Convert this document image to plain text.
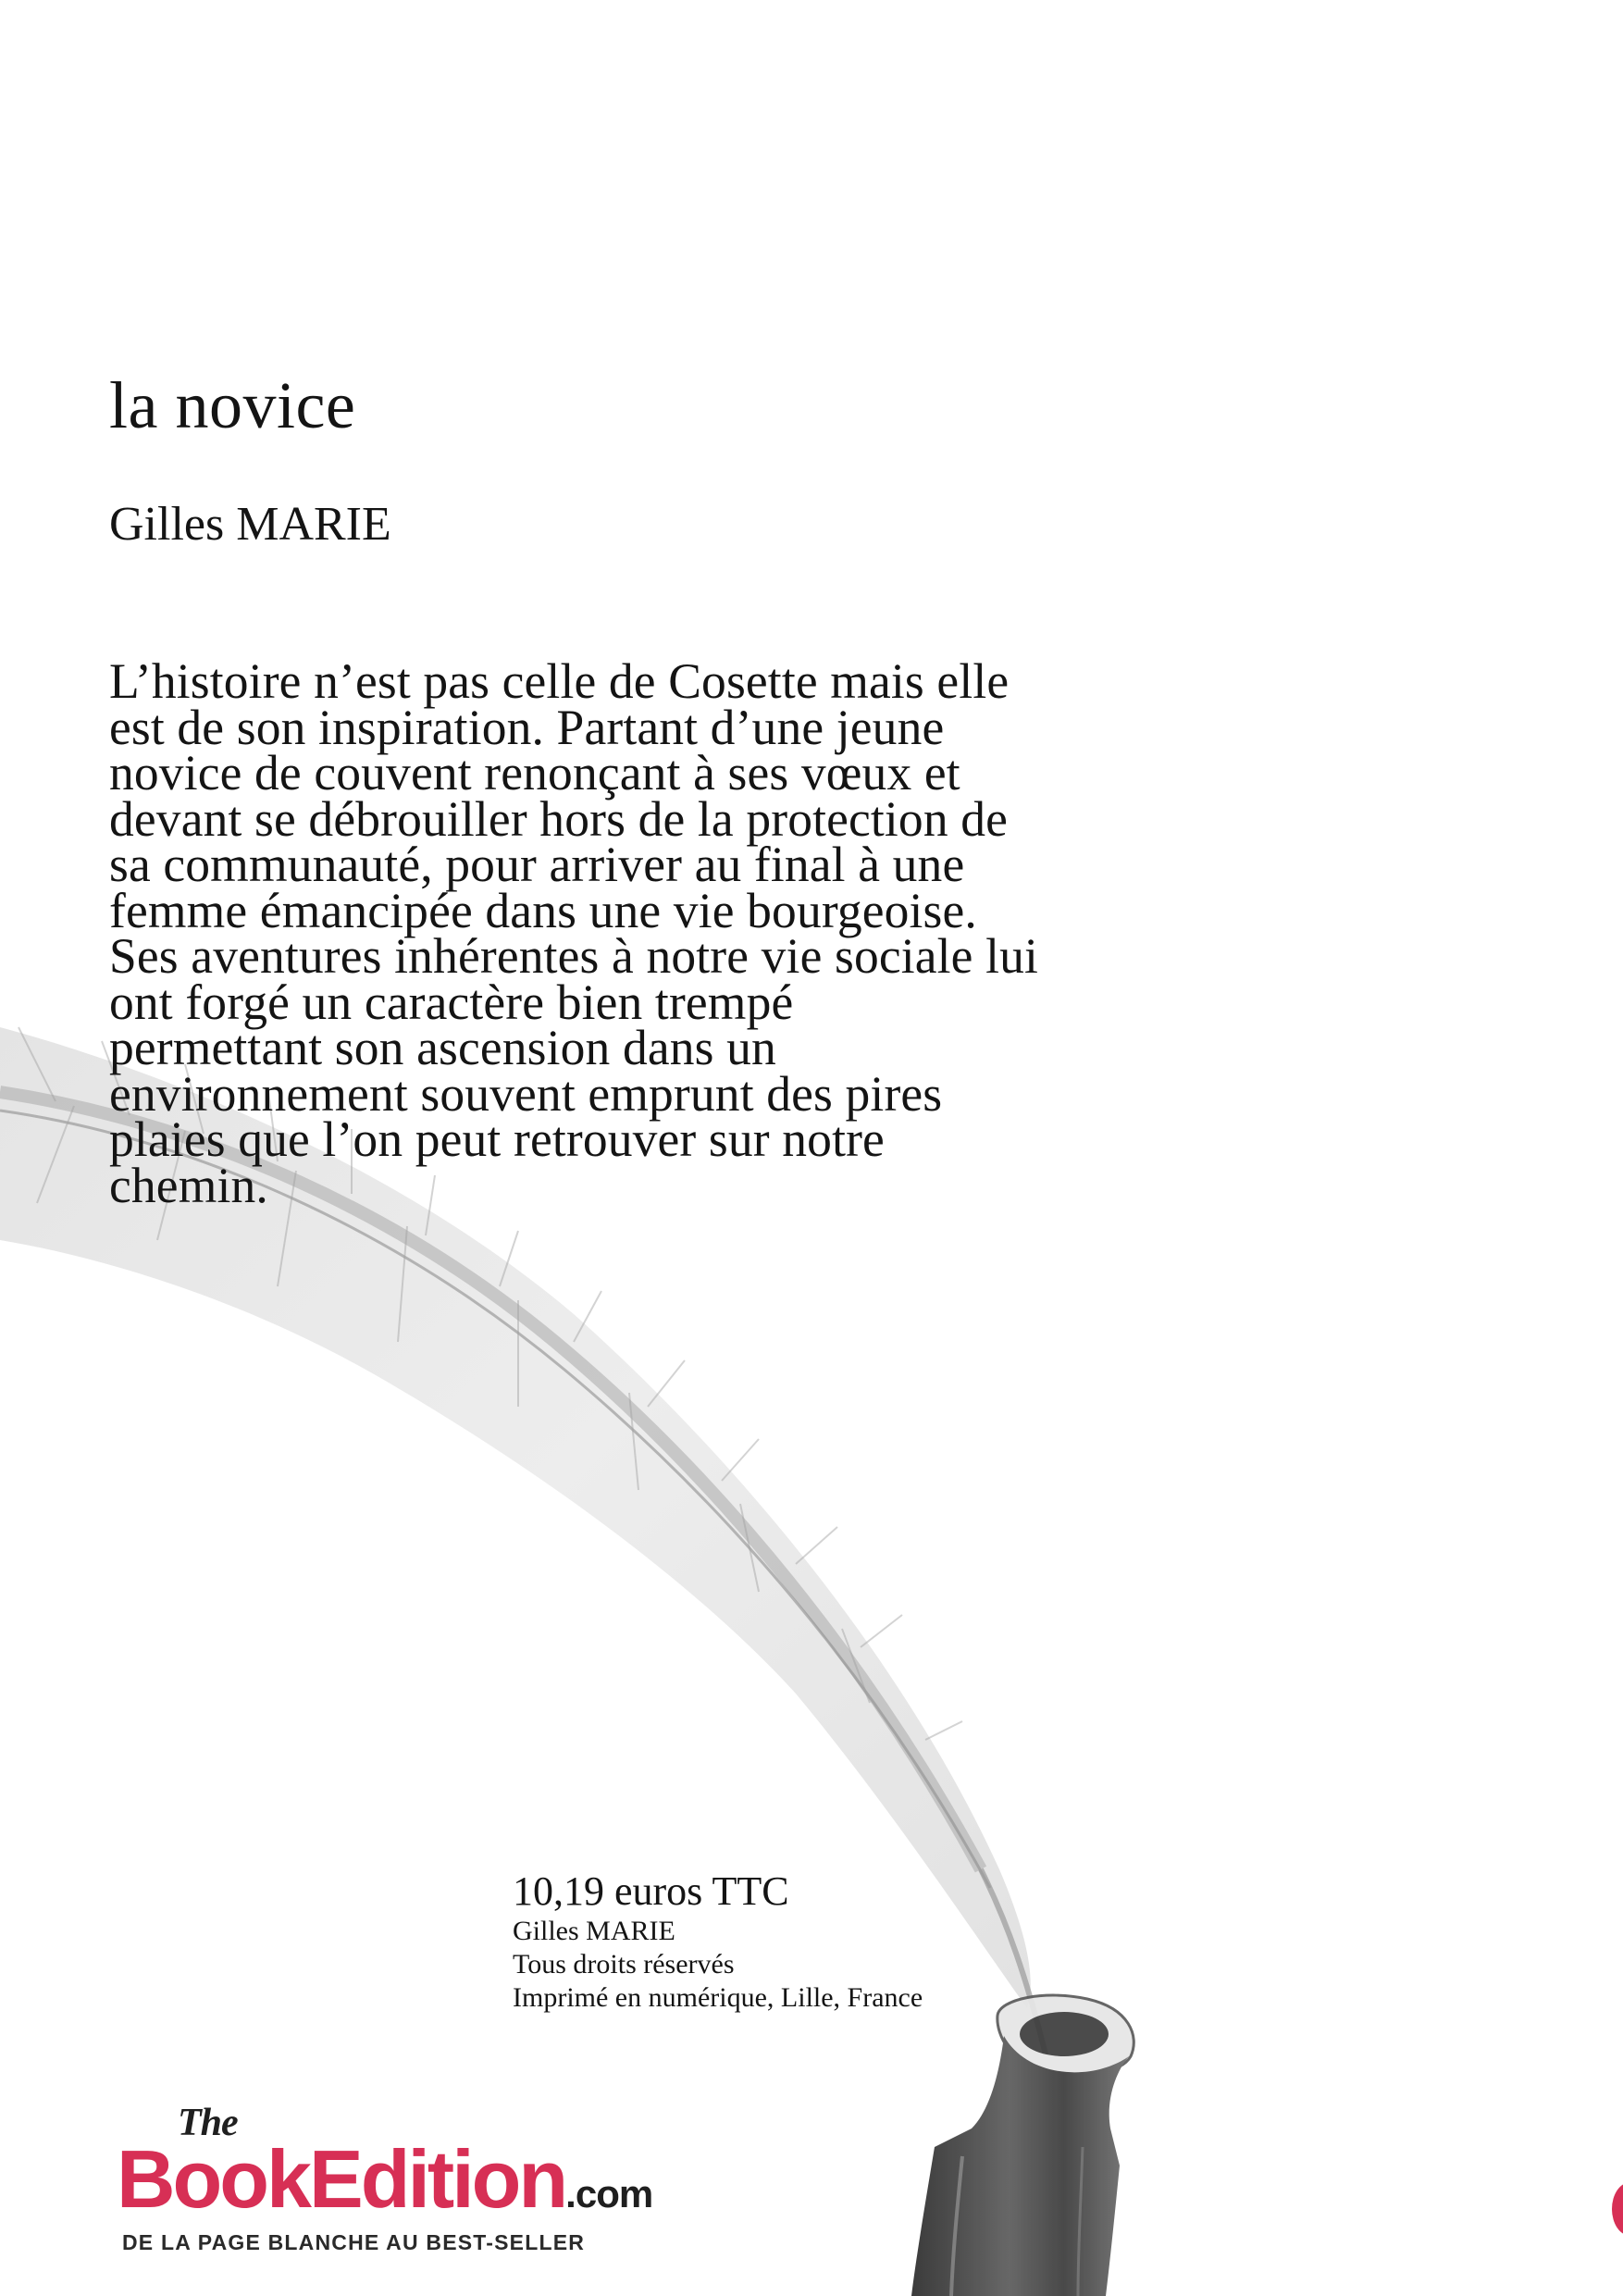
la novice
Gilles MARIE

L’histoire n’est pas celle de Cosette mais elle
est de son inspiration. Partant d’une jeune
novice de couvent renonçant à ses vœux et
devant se débrouiller hors de la protection de
sa communauté, pour arriver au final à une
femme émancipée dans une vie bourgeoise.
Ses aventures inhérentes à notre vie sociale lui
ont forgé un caractère bien trempé
permettant son ascension dans un
environnement souvent emprunt des pires
plaies que l’on peut retrouver sur notre
chemin.

10,19 euros TTC
Gilles MARIE
Tous droits réservés
Imprimé en numérique, Lille, France
The
BookEdition.com
DE LA PAGE BLANCHE AU BEST-SELLER
